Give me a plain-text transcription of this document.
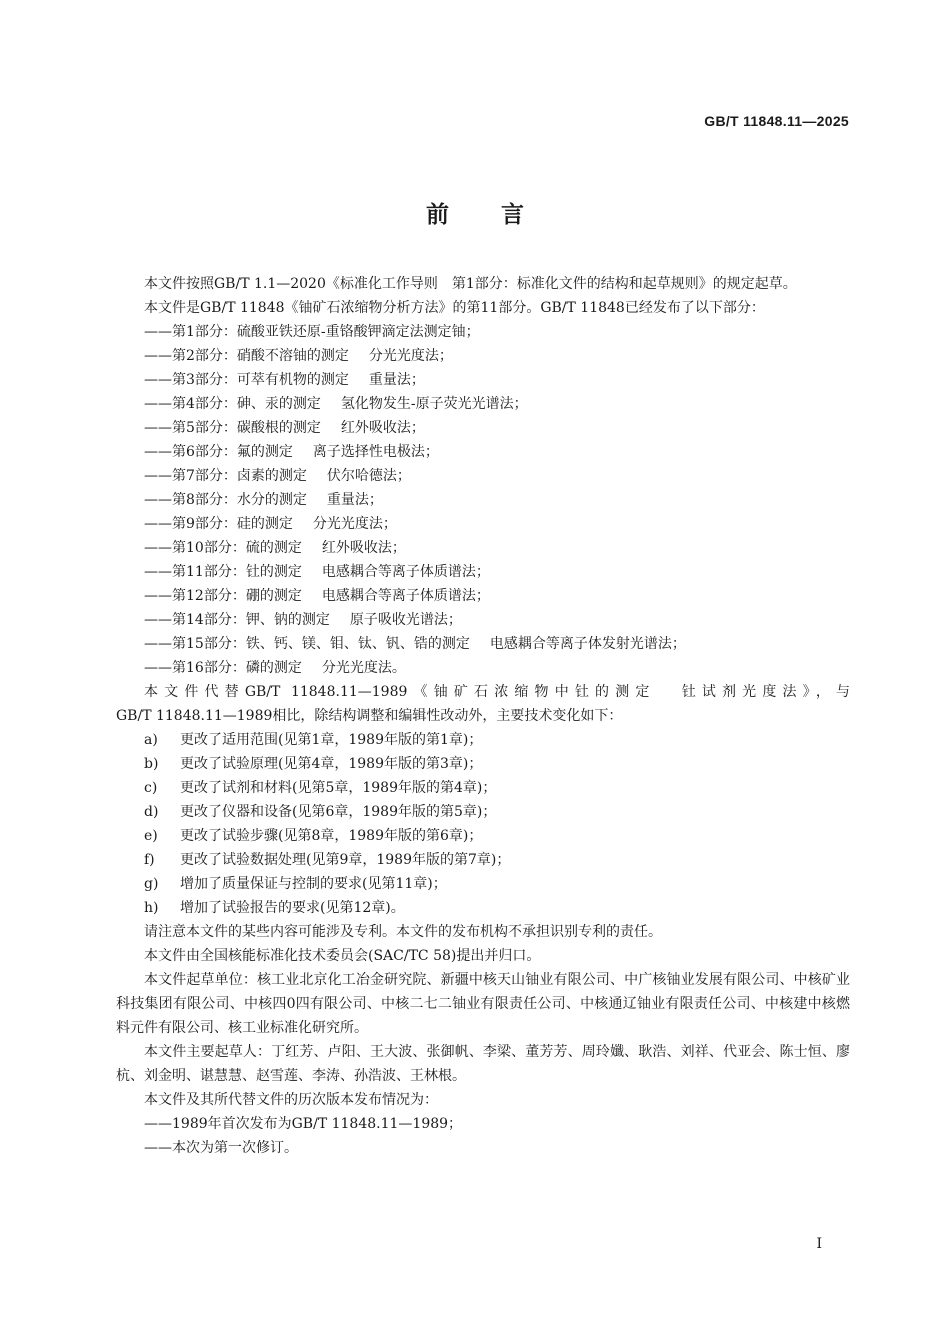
GB/T 11848.11—2025
前 言

本文件按照GB/T 1.1—2020《标准化工作导则　第1部分：标准化文件的结构和起草规则》的规定起草。

本文件是GB/T 11848《铀矿石浓缩物分析方法》的第11部分。GB/T 11848已经发布了以下部分：

——第1部分：硫酸亚铁还原-重铬酸钾滴定法测定铀；

——第2部分：硝酸不溶铀的测定 分光光度法；

——第3部分：可萃有机物的测定 重量法；

——第4部分：砷、汞的测定 氢化物发生-原子荧光光谱法；

——第5部分：碳酸根的测定 红外吸收法；

——第6部分：氟的测定 离子选择性电极法；

——第7部分：卤素的测定 伏尔哈德法；

——第8部分：水分的测定 重量法；

——第9部分：硅的测定 分光光度法；

——第10部分：硫的测定 红外吸收法；

——第11部分：钍的测定 电感耦合等离子体质谱法；

——第12部分：硼的测定 电感耦合等离子体质谱法；

——第14部分：钾、钠的测定 原子吸收光谱法；

——第15部分：铁、钙、镁、钼、钛、钒、锆的测定 电感耦合等离子体发射光谱法；

——第16部分：磷的测定 分光光度法。

本文件代替GB/T 11848.11—1989《铀矿石浓缩物中钍的测定 钍试剂光度法》，与

GB/T 11848.11—1989相比，除结构调整和编辑性改动外，主要技术变化如下：

a) 更改了适用范围(见第1章，1989年版的第1章)；

b) 更改了试验原理(见第4章，1989年版的第3章)；

c) 更改了试剂和材料(见第5章，1989年版的第4章)；

d) 更改了仪器和设备(见第6章，1989年版的第5章)；

e) 更改了试验步骤(见第8章，1989年版的第6章)；

f) 更改了试验数据处理(见第9章，1989年版的第7章)；

g) 增加了质量保证与控制的要求(见第11章)；

h) 增加了试验报告的要求(见第12章)。

请注意本文件的某些内容可能涉及专利。本文件的发布机构不承担识别专利的责任。

本文件由全国核能标准化技术委员会(SAC/TC 58)提出并归口。

本文件起草单位：核工业北京化工冶金研究院、新疆中核天山铀业有限公司、中广核铀业发展有限公司、中核矿业科技集团有限公司、中核四0四有限公司、中核二七二铀业有限责任公司、中核通辽铀业有限责任公司、中核建中核燃料元件有限公司、核工业标准化研究所。

本文件主要起草人：丁红芳、卢阳、王大波、张御帆、李梁、董芳芳、周玲孅、耿浩、刘祥、代亚会、陈士恒、廖杭、刘金明、谌慧慧、赵雪莲、李涛、孙浩波、王林根。

本文件及其所代替文件的历次版本发布情况为：

——1989年首次发布为GB/T 11848.11—1989；

——本次为第一次修订。

I
